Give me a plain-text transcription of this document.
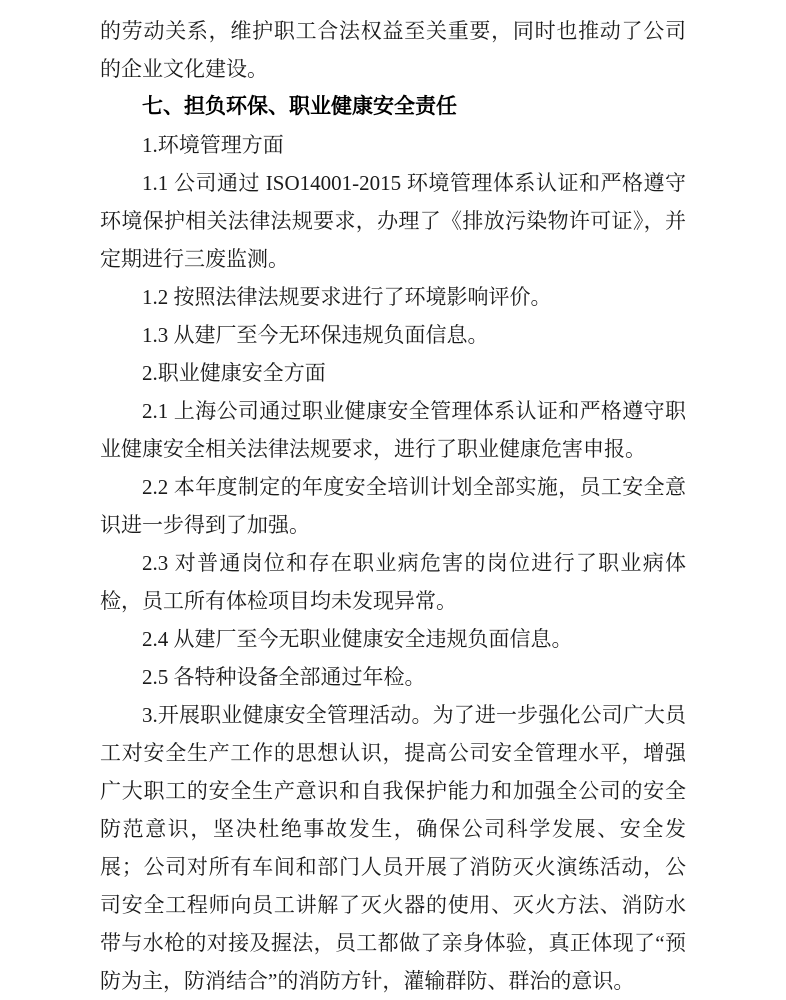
的劳动关系，维护职工合法权益至关重要，同时也推动了公司的企业文化建设。

七、担负环保、职业健康安全责任

1.环境管理方面

1.1 公司通过 ISO14001-2015 环境管理体系认证和严格遵守环境保护相关法律法规要求，办理了《排放污染物许可证》，并定期进行三废监测。

1.2 按照法律法规要求进行了环境影响评价。

1.3 从建厂至今无环保违规负面信息。

2.职业健康安全方面

2.1 上海公司通过职业健康安全管理体系认证和严格遵守职业健康安全相关法律法规要求，进行了职业健康危害申报。

2.2 本年度制定的年度安全培训计划全部实施，员工安全意识进一步得到了加强。

2.3 对普通岗位和存在职业病危害的岗位进行了职业病体检，员工所有体检项目均未发现异常。

2.4 从建厂至今无职业健康安全违规负面信息。

2.5 各特种设备全部通过年检。

3.开展职业健康安全管理活动。为了进一步强化公司广大员工对安全生产工作的思想认识，提高公司安全管理水平，增强广大职工的安全生产意识和自我保护能力和加强全公司的安全防范意识，坚决杜绝事故发生，确保公司科学发展、安全发展；公司对所有车间和部门人员开展了消防灭火演练活动，公司安全工程师向员工讲解了灭火器的使用、灭火方法、消防水带与水枪的对接及握法，员工都做了亲身体验，真正体现了“预防为主，防消结合”的消防方针，灌输群防、群治的意识。
